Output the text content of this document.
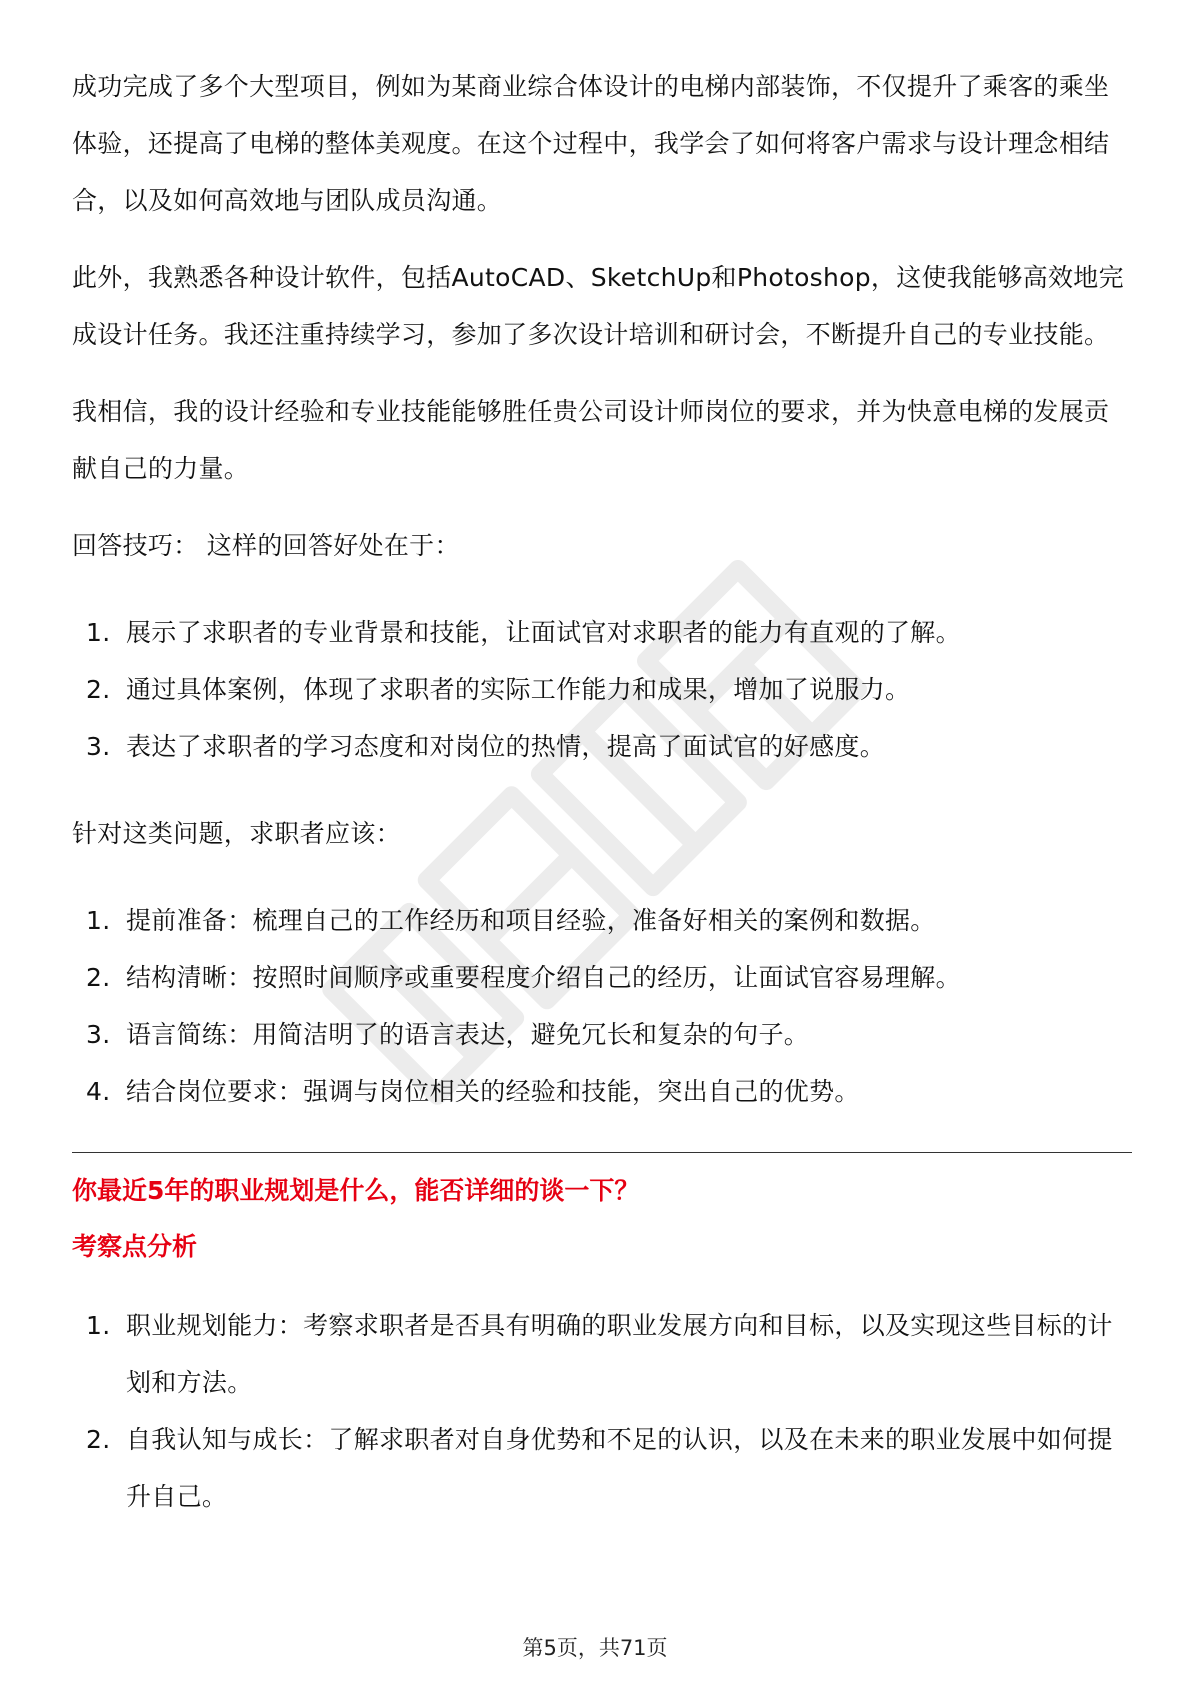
成功完成了多个大型项目，例如为某商业综合体设计的电梯内部装饰，不仅提升了乘客的乘坐体验，还提高了电梯的整体美观度。在这个过程中，我学会了如何将客户需求与设计理念相结合，以及如何高效地与团队成员沟通。

此外，我熟悉各种设计软件，包括AutoCAD、SketchUp和Photoshop，这使我能够高效地完成设计任务。我还注重持续学习，参加了多次设计培训和研讨会，不断提升自己的专业技能。

我相信，我的设计经验和专业技能能够胜任贵公司设计师岗位的要求，并为快意电梯的发展贡献自己的力量。

回答技巧： 这样的回答好处在于：

1. 展示了求职者的专业背景和技能，让面试官对求职者的能力有直观的了解。
2. 通过具体案例，体现了求职者的实际工作能力和成果，增加了说服力。
3. 表达了求职者的学习态度和对岗位的热情，提高了面试官的好感度。

针对这类问题，求职者应该：

1. 提前准备：梳理自己的工作经历和项目经验，准备好相关的案例和数据。
2. 结构清晰：按照时间顺序或重要程度介绍自己的经历，让面试官容易理解。
3. 语言简练：用简洁明了的语言表达，避免冗长和复杂的句子。
4. 结合岗位要求：强调与岗位相关的经验和技能，突出自己的优势。

你最近5年的职业规划是什么，能否详细的谈一下？

考察点分析

1. 职业规划能力：考察求职者是否具有明确的职业发展方向和目标，以及实现这些目标的计划和方法。
2. 自我认知与成长：了解求职者对自身优势和不足的认识，以及在未来的职业发展中如何提升自己。
第5页，共71页
